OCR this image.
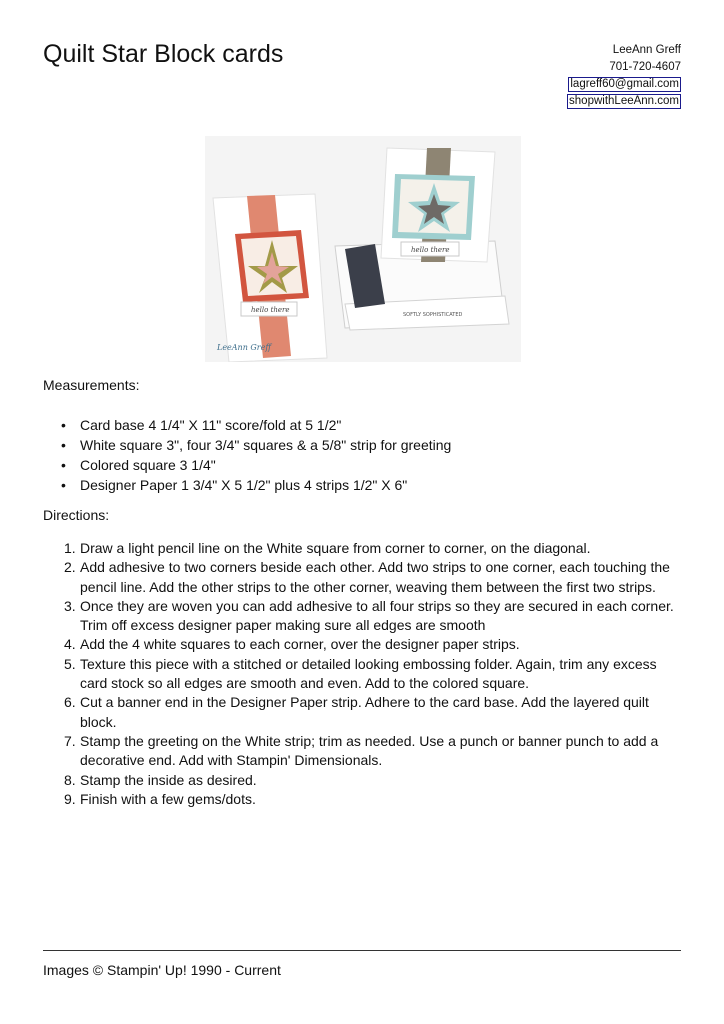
Quilt Star Block cards	LeeAnn Greff
701-720-4607
lagreff60@gmail.com
shopwithLeeAnn.com
SOFTLY SOPHISTICATED
hello there
hello there
LeeAnn Greff
Measurements:
• Card base 4 1/4" X 11" score/fold at 5 1/2"
• White square 3", four 3/4" squares & a 5/8" strip for greeting
• Colored square 3 1/4"
• Designer Paper 1 3/4" X 5 1/2" plus 4 strips 1/2" X 6"
Directions:
1. Draw a light pencil line on the White square from corner to corner, on the diagonal.
2. Add adhesive to two corners beside each other. Add two strips to one corner, each touching the pencil line. Add the other strips to the other corner, weaving them between the first two strips.
3. Once they are woven you can add adhesive to all four strips so they are secured in each corner. Trim off excess designer paper making sure all edges are smooth
4. Add the 4 white squares to each corner, over the designer paper strips.
5. Texture this piece with a stitched or detailed looking embossing folder. Again, trim any excess card stock so all edges are smooth and even. Add to the colored square.
6. Cut a banner end in the Designer Paper strip. Adhere to the card base. Add the layered quilt block.
7. Stamp the greeting on the White strip; trim as needed. Use a punch or banner punch to add a decorative end. Add with Stampin' Dimensionals.
8. Stamp the inside as desired.
9. Finish with a few gems/dots.
Images © Stampin' Up! 1990 - Current
